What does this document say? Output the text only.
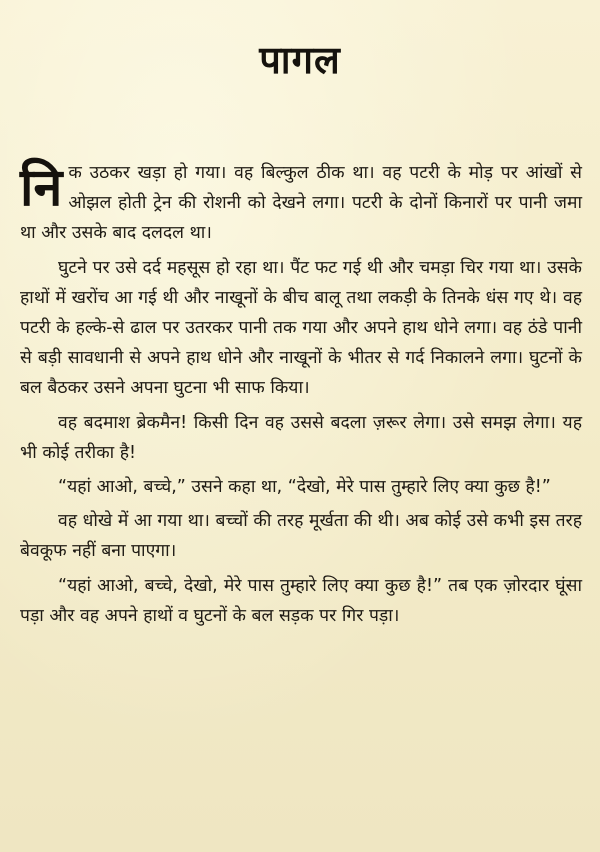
पागल

निक उठकर खड़ा हो गया। वह बिल्कुल ठीक था। वह पटरी के मोड़ पर आंखों से ओझल होती ट्रेन की रोशनी को देखने लगा। पटरी के दोनों किनारों पर पानी जमा था और उसके बाद दलदल था।

घुटने पर उसे दर्द महसूस हो रहा था। पैंट फट गई थी और चमड़ा चिर गया था। उसके हाथों में खरोंच आ गई थी और नाखूनों के बीच बालू तथा लकड़ी के तिनके धंस गए थे। वह पटरी के हल्के-से ढाल पर उतरकर पानी तक गया और अपने हाथ धोने लगा। वह ठंडे पानी से बड़ी सावधानी से अपने हाथ धोने और नाखूनों के भीतर से गर्द निकालने लगा। घुटनों के बल बैठकर उसने अपना घुटना भी साफ किया।

वह बदमाश ब्रेकमैन! किसी दिन वह उससे बदला ज़रूर लेगा। उसे समझ लेगा। यह भी कोई तरीका है!

“यहां आओ, बच्चे,” उसने कहा था, “देखो, मेरे पास तुम्हारे लिए क्या कुछ है!”

वह धोखे में आ गया था। बच्चों की तरह मूर्खता की थी। अब कोई उसे कभी इस तरह बेवकूफ नहीं बना पाएगा।

“यहां आओ, बच्चे, देखो, मेरे पास तुम्हारे लिए क्या कुछ है!” तब एक ज़ोरदार घूंसा पड़ा और वह अपने हाथों व घुटनों के बल सड़क पर गिर पड़ा।
